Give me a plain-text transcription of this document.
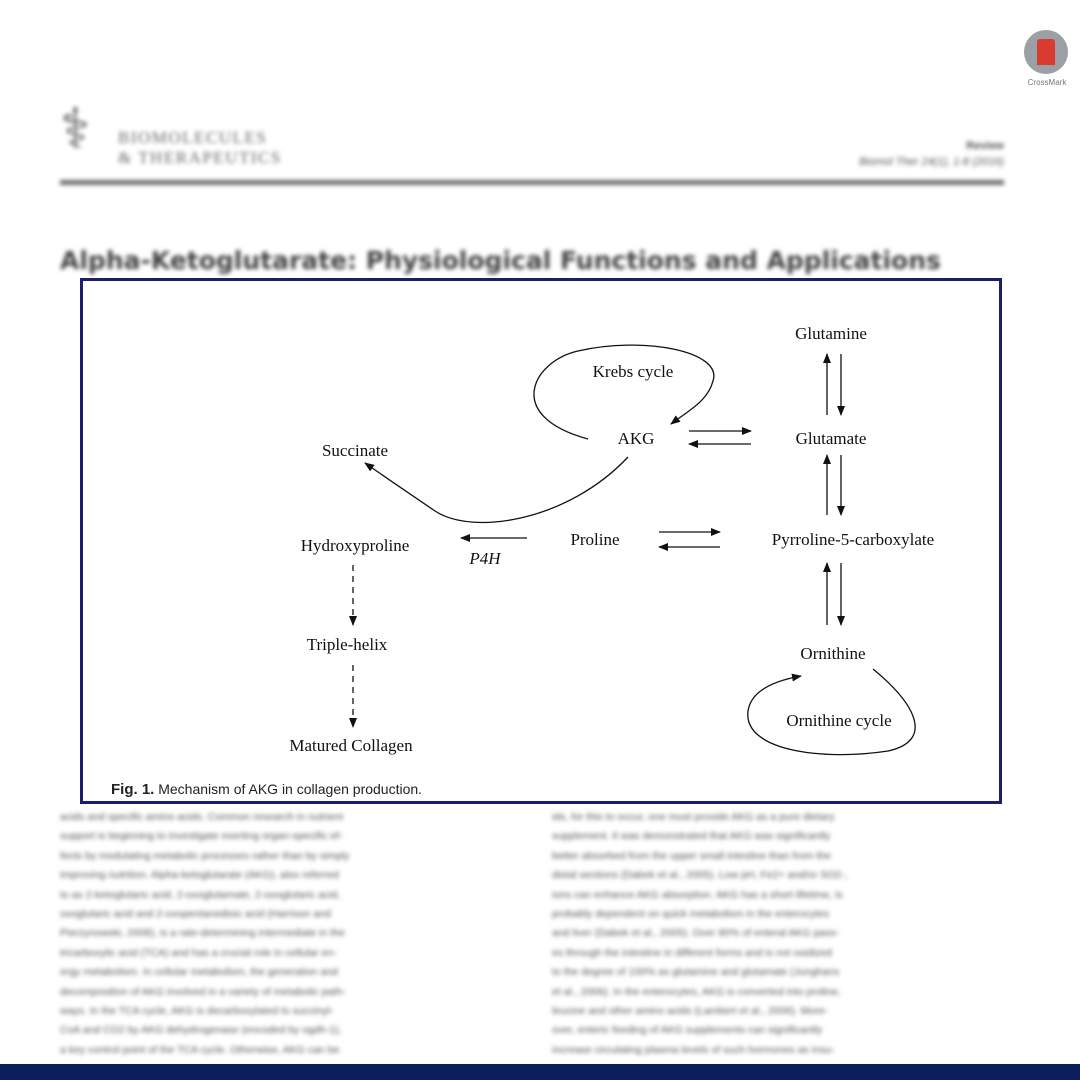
⚕	BIOMOLECULES
& THERAPEUTICS
Review
Biomol Ther 24(1), 1-8 (2016)
Alpha-Ketoglutarate: Physiological Functions and Applications
acids and specific amino acids. Common research in nutrient
support is beginning to investigate exerting organ-specific ef-
fects by modulating metabolic processes rather than by simply
improving nutrition. Alpha-ketoglutarate (AKG), also referred
to as 2-ketoglutaric acid, 2-oxoglutamate, 2-oxoglutaric acid,
oxoglutaric acid and 2-oxopentanedioic acid (Harrison and
Pierzynowski, 2008), is a rate-determining intermediate in the
tricarboxylic acid (TCA) and has a crucial role in cellular en-
ergy metabolism. In cellular metabolism, the generation and
decomposition of AKG involved in a variety of metabolic path-
ways. In the TCA cycle, AKG is decarboxylated to succinyl-
CoA and CO2 by AKG dehydrogenase (encoded by ogdh-1),
a key control point of the TCA cycle. Otherwise, AKG can be
ids, for this to occur, one must provide AKG as a pure dietary
supplement. It was demonstrated that AKG was significantly
better absorbed from the upper small intestine than from the
distal sections (Dabek et al., 2005). Low pH, Fe2+ and/or SO2-,
ions can enhance AKG absorption. AKG has a short lifetime, is
probably dependent on quick metabolism in the enterocytes
and liver (Dabek et al., 2005). Over 80% of enteral AKG pass-
es through the intestine in different forms and is not oxidized
to the degree of 100% as glutamine and glutamate (Junghans
et al., 2006). In the enterocytes, AKG is converted into proline,
leucine and other amino acids (Lambert et al., 2006). More-
over, enteric feeding of AKG supplements can significantly
increase circulating plasma levels of such hormones as insu-
CrossMark
Glutamine
Krebs cycle
AKG	Glutamate
Succinate
Hydroxyproline
P4H
Proline	Pyrroline-5-carboxylate
Triple-helix	Ornithine
Ornithine cycle
Matured Collagen
Fig. 1. Mechanism of AKG in collagen production.
